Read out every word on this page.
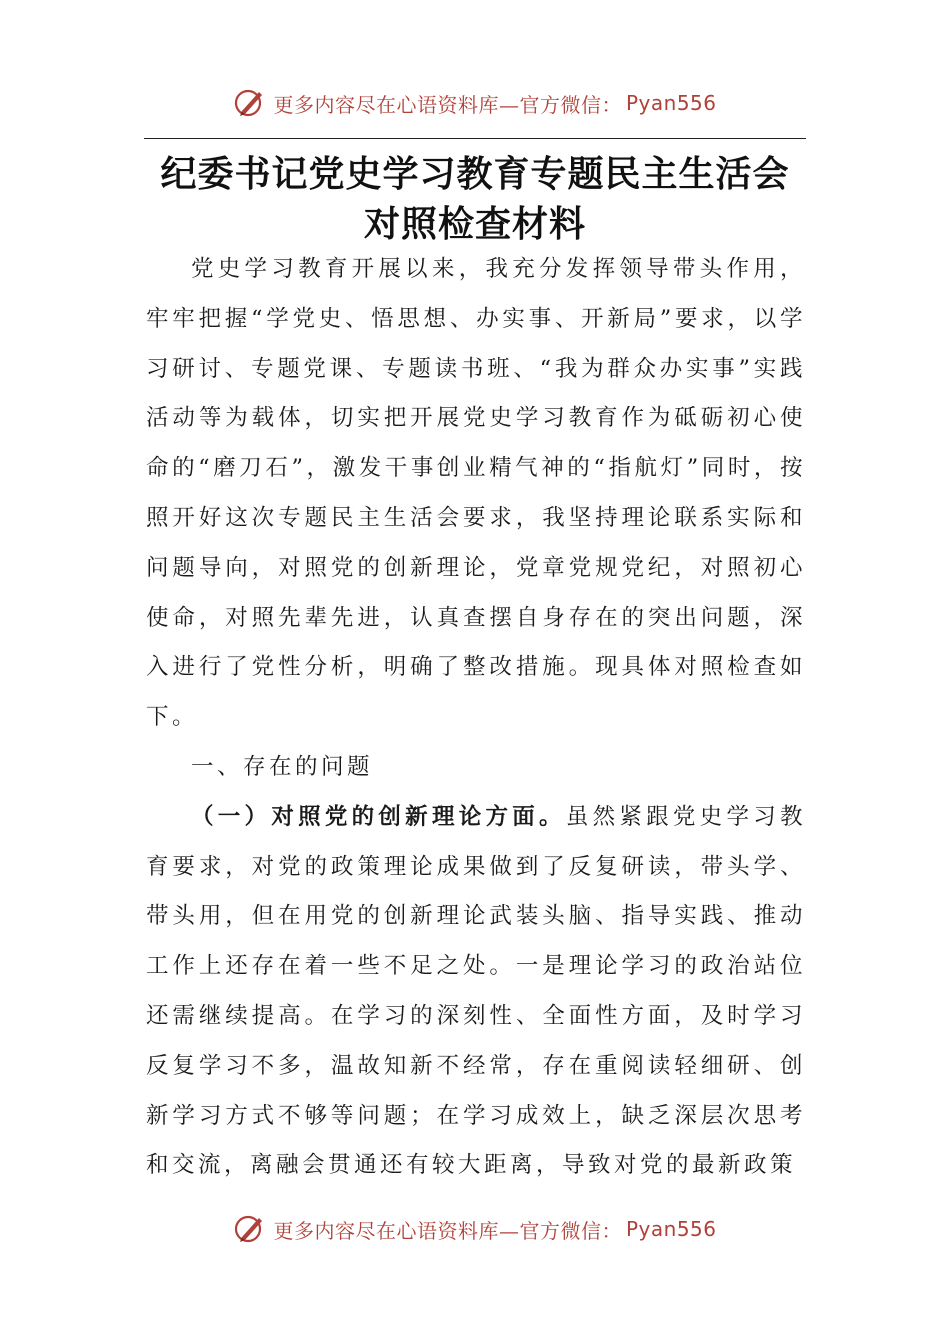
更多内容尽在心语资料库—官方微信： Pyan556
纪委书记党史学习教育专题民主生活会
对照检查材料

党史学习教育开展以来，我充分发挥领导带头作用，牢牢把握“学党史、悟思想、办实事、开新局”要求，以学习研讨、专题党课、专题读书班、“我为群众办实事”实践活动等为载体，切实把开展党史学习教育作为砥砺初心使命的“磨刀石”，激发干事创业精气神的“指航灯”同时，按照开好这次专题民主生活会要求，我坚持理论联系实际和问题导向，对照党的创新理论，党章党规党纪，对照初心使命，对照先辈先进，认真查摆自身存在的突出问题，深入进行了党性分析，明确了整改措施。现具体对照检查如下。

一、存在的问题

（一）对照党的创新理论方面。虽然紧跟党史学习教育要求，对党的政策理论成果做到了反复研读，带头学、带头用，但在用党的创新理论武装头脑、指导实践、推动工作上还存在着一些不足之处。一是理论学习的政治站位还需继续提高。在学习的深刻性、全面性方面，及时学习反复学习不多，温故知新不经常，存在重阅读轻细研、创新学习方式不够等问题；在学习成效上，缺乏深层次思考和交流，离融会贯通还有较大距离，导致对党的最新政策

更多内容尽在心语资料库—官方微信： Pyan556
